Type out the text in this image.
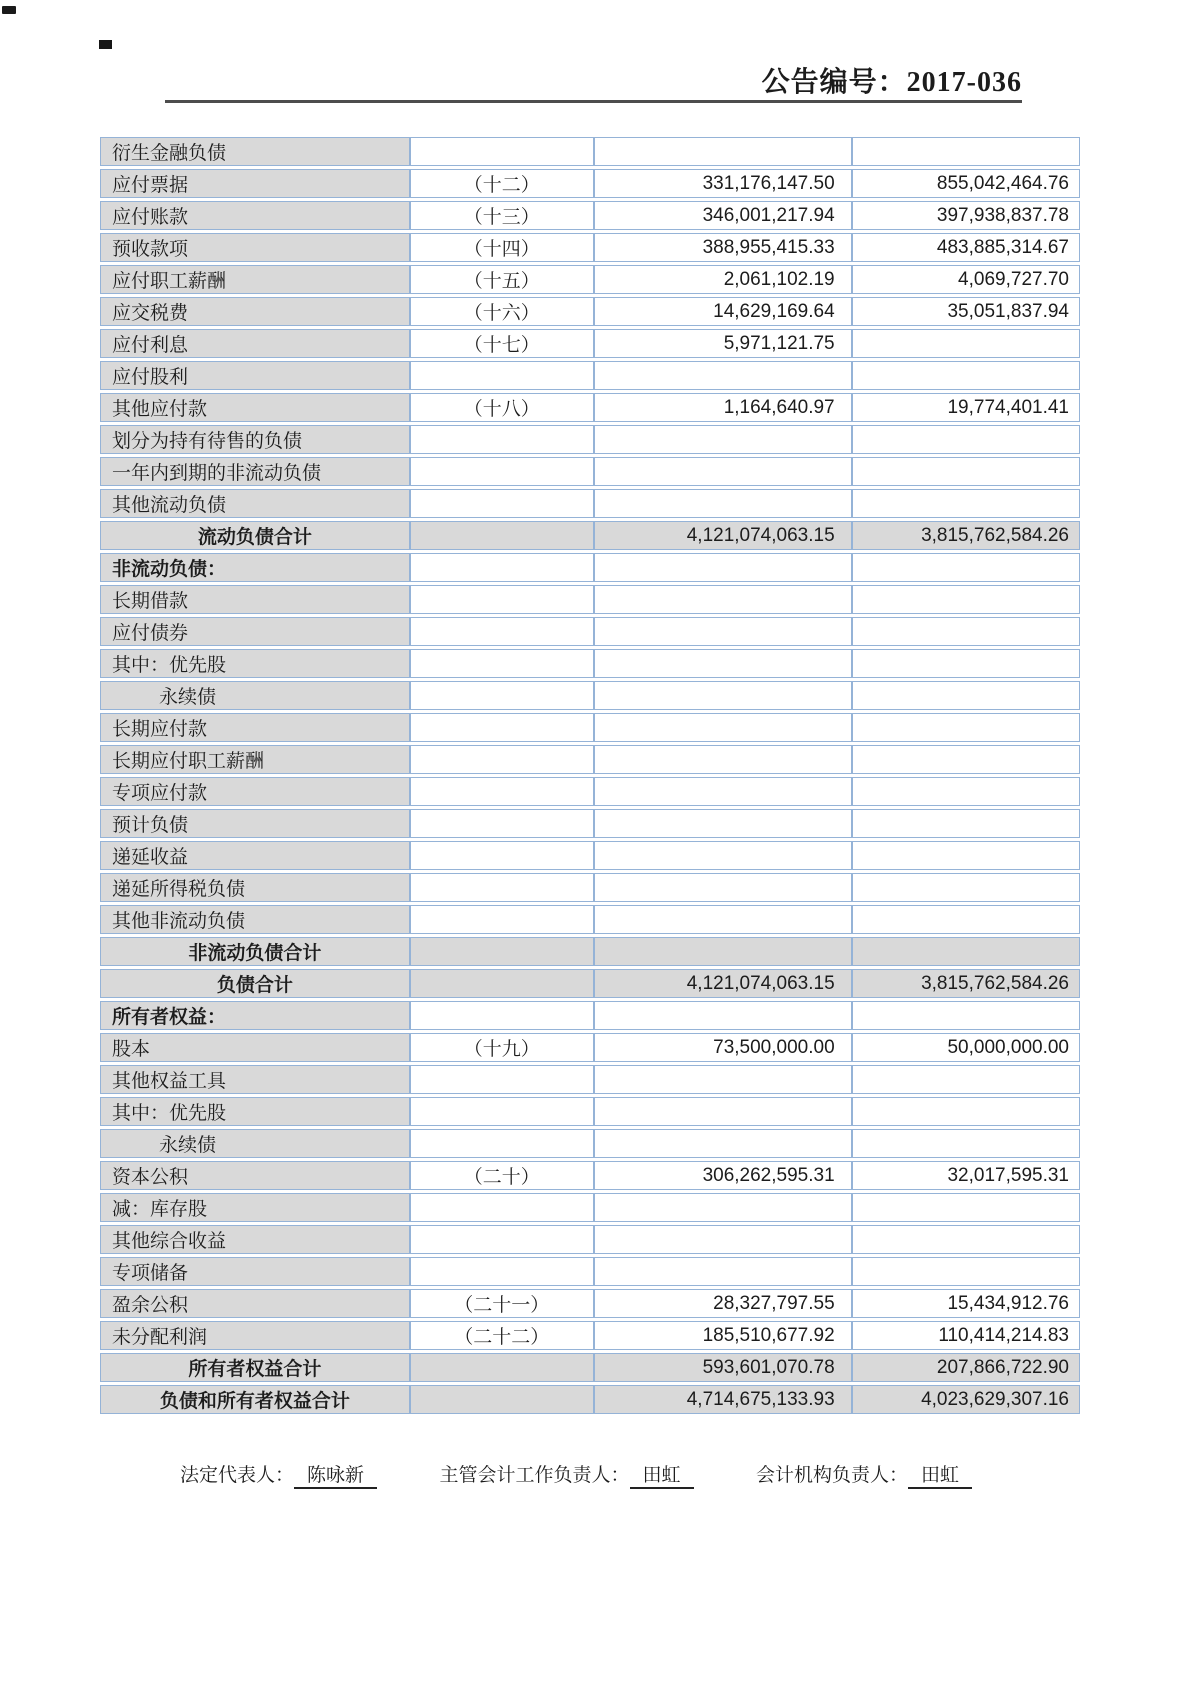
公告编号：2017-036
衍生金融负债			
应付票据	（十二）	331,176,147.50	855,042,464.76
应付账款	（十三）	346,001,217.94	397,938,837.78
预收款项	（十四）	388,955,415.33	483,885,314.67
应付职工薪酬	（十五）	2,061,102.19	4,069,727.70
应交税费	（十六）	14,629,169.64	35,051,837.94
应付利息	（十七）	5,971,121.75	
应付股利			
其他应付款	（十八）	1,164,640.97	19,774,401.41
划分为持有待售的负债			
一年内到期的非流动负债			
其他流动负债			
流动负债合计		4,121,074,063.15	3,815,762,584.26
非流动负债：			
长期借款			
应付债券			
其中：优先股			
永续债			
长期应付款			
长期应付职工薪酬			
专项应付款			
预计负债			
递延收益			
递延所得税负债			
其他非流动负债			
非流动负债合计			
负债合计		4,121,074,063.15	3,815,762,584.26
所有者权益：			
股本	（十九）	73,500,000.00	50,000,000.00
其他权益工具			
其中：优先股			
永续债			
资本公积	（二十）	306,262,595.31	32,017,595.31
减：库存股			
其他综合收益			
专项储备			
盈余公积	（二十一）	28,327,797.55	15,434,912.76
未分配利润	（二十二）	185,510,677.92	110,414,214.83
所有者权益合计		593,601,070.78	207,866,722.90
负债和所有者权益合计		4,714,675,133.93	4,023,629,307.16
法定代表人： 陈咏新	主管会计工作负责人： 田虹	会计机构负责人： 田虹
